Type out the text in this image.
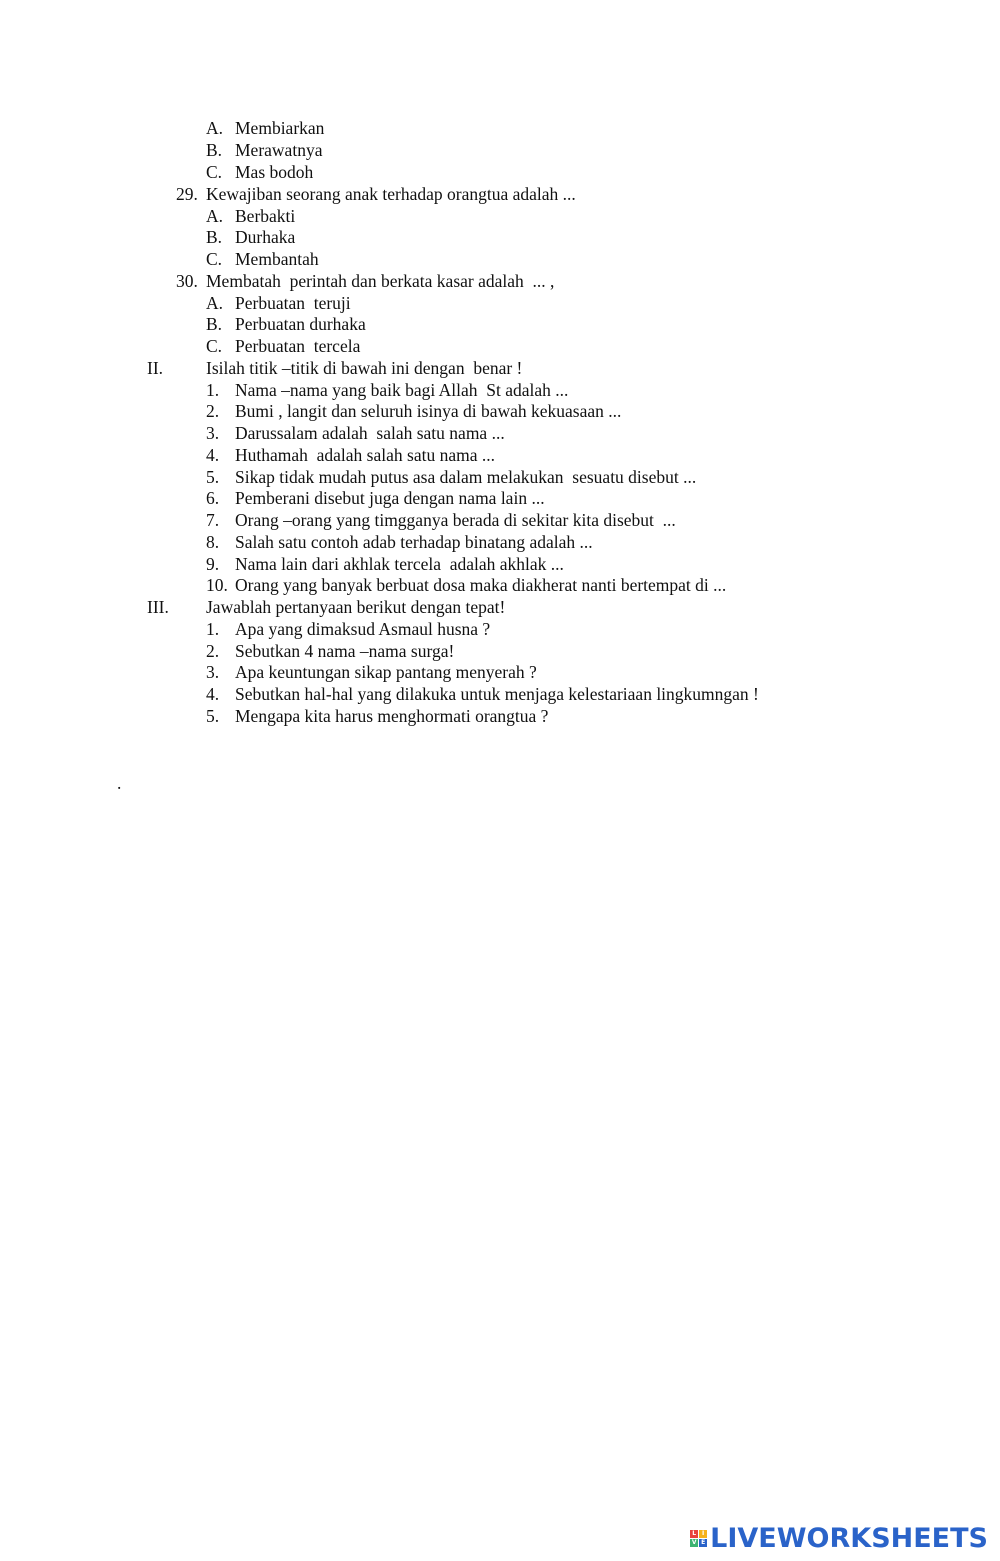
A.

Membiarkan

B.

Merawatnya

C.

Mas bodoh

29.

Kewajiban seorang anak terhadap orangtua adalah ...

A.

Berbakti

B.

Durhaka

C.

Membantah

30.

Membatah  perintah dan berkata kasar adalah  ... ,

A.

Perbuatan  teruji

B.

Perbuatan durhaka

C.

Perbuatan  tercela

II.

Isilah titik –titik di bawah ini dengan  benar !

1.

Nama –nama yang baik bagi Allah  St adalah ...

2.

Bumi , langit dan seluruh isinya di bawah kekuasaan ...

3.

Darussalam adalah  salah satu nama ...

4.

Huthamah  adalah salah satu nama ...

5.

Sikap tidak mudah putus asa dalam melakukan  sesuatu disebut ...

6.

Pemberani disebut juga dengan nama lain ...

7.

Orang –orang yang timgganya berada di sekitar kita disebut  ...

8.

Salah satu contoh adab terhadap binatang adalah ...

9.

Nama lain dari akhlak tercela  adalah akhlak ...

10.

Orang yang banyak berbuat dosa maka diakherat nanti bertempat di ...

III.

Jawablah pertanyaan berikut dengan tepat!

1.

Apa yang dimaksud Asmaul husna ?

2.

Sebutkan 4 nama –nama surga!

3.

Apa keuntungan sikap pantang menyerah ?

4.

Sebutkan hal-hal yang dilakuka untuk menjaga kelestariaan lingkumngan !

5.

Mengapa kita harus menghormati orangtua ?

.
L I
V E LIVEWORKSHEETS
